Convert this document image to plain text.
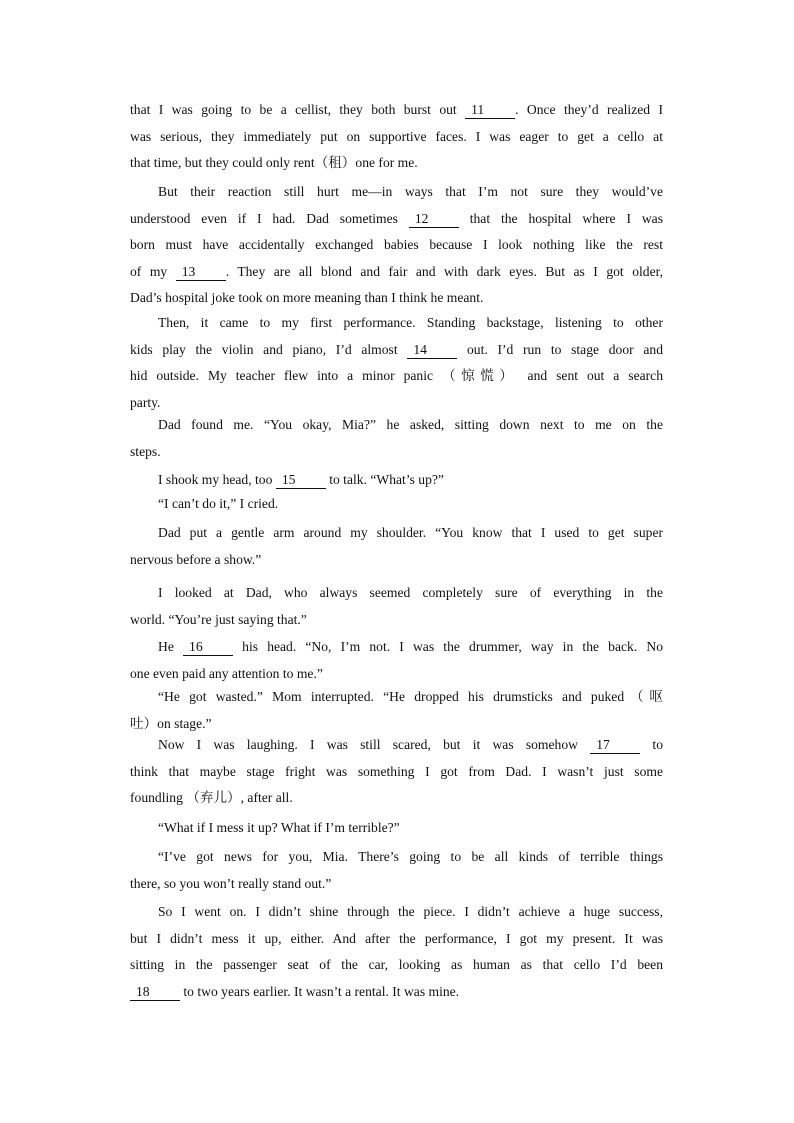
that I was going to be a cellist, they both burst out 11 . Once they’d realized I
was serious, they immediately put on supportive faces. I was eager to get a cello at
that time, but they could only rent（租）one for me.
But their reaction still hurt me—in ways that I’m not sure they would’ve
understood even if I had. Dad sometimes 12 that the hospital where I was
born must have accidentally exchanged babies because I look nothing like the rest
of my 13 . They are all blond and fair and with dark eyes. But as I got older,
Dad’s hospital joke took on more meaning than I think he meant.
Then, it came to my first performance. Standing backstage, listening to other
kids play the violin and piano, I’d almost 14 out. I’d run to stage door and
hid outside. My teacher flew into a minor panic （惊慌） and sent out a search
party.
Dad found me. “You okay, Mia?” he asked, sitting down next to me on the
steps.
I shook my head, too 15 to talk. “What’s up?”
“I can’t do it,” I cried.
Dad put a gentle arm around my shoulder. “You know that I used to get super
nervous before a show.”
I looked at Dad, who always seemed completely sure of everything in the
world. “You’re just saying that.”
He 16 his head. “No, I’m not. I was the drummer, way in the back. No
one even paid any attention to me.”
“He got wasted.” Mom interrupted. “He dropped his drumsticks and puked（呕
吐）on stage.”
Now I was laughing. I was still scared, but it was somehow 17 to
think that maybe stage fright was something I got from Dad. I wasn’t just some
foundling （弃儿）, after all.
“What if I mess it up? What if I’m terrible?”
“I’ve got news for you, Mia. There’s going to be all kinds of terrible things
there, so you won’t really stand out.”
So I went on. I didn’t shine through the piece. I didn’t achieve a huge success,
but I didn’t mess it up, either. And after the performance, I got my present. It was
sitting in the passenger seat of the car, looking as human as that cello I’d been
18 to two years earlier. It wasn’t a rental. It was mine.
